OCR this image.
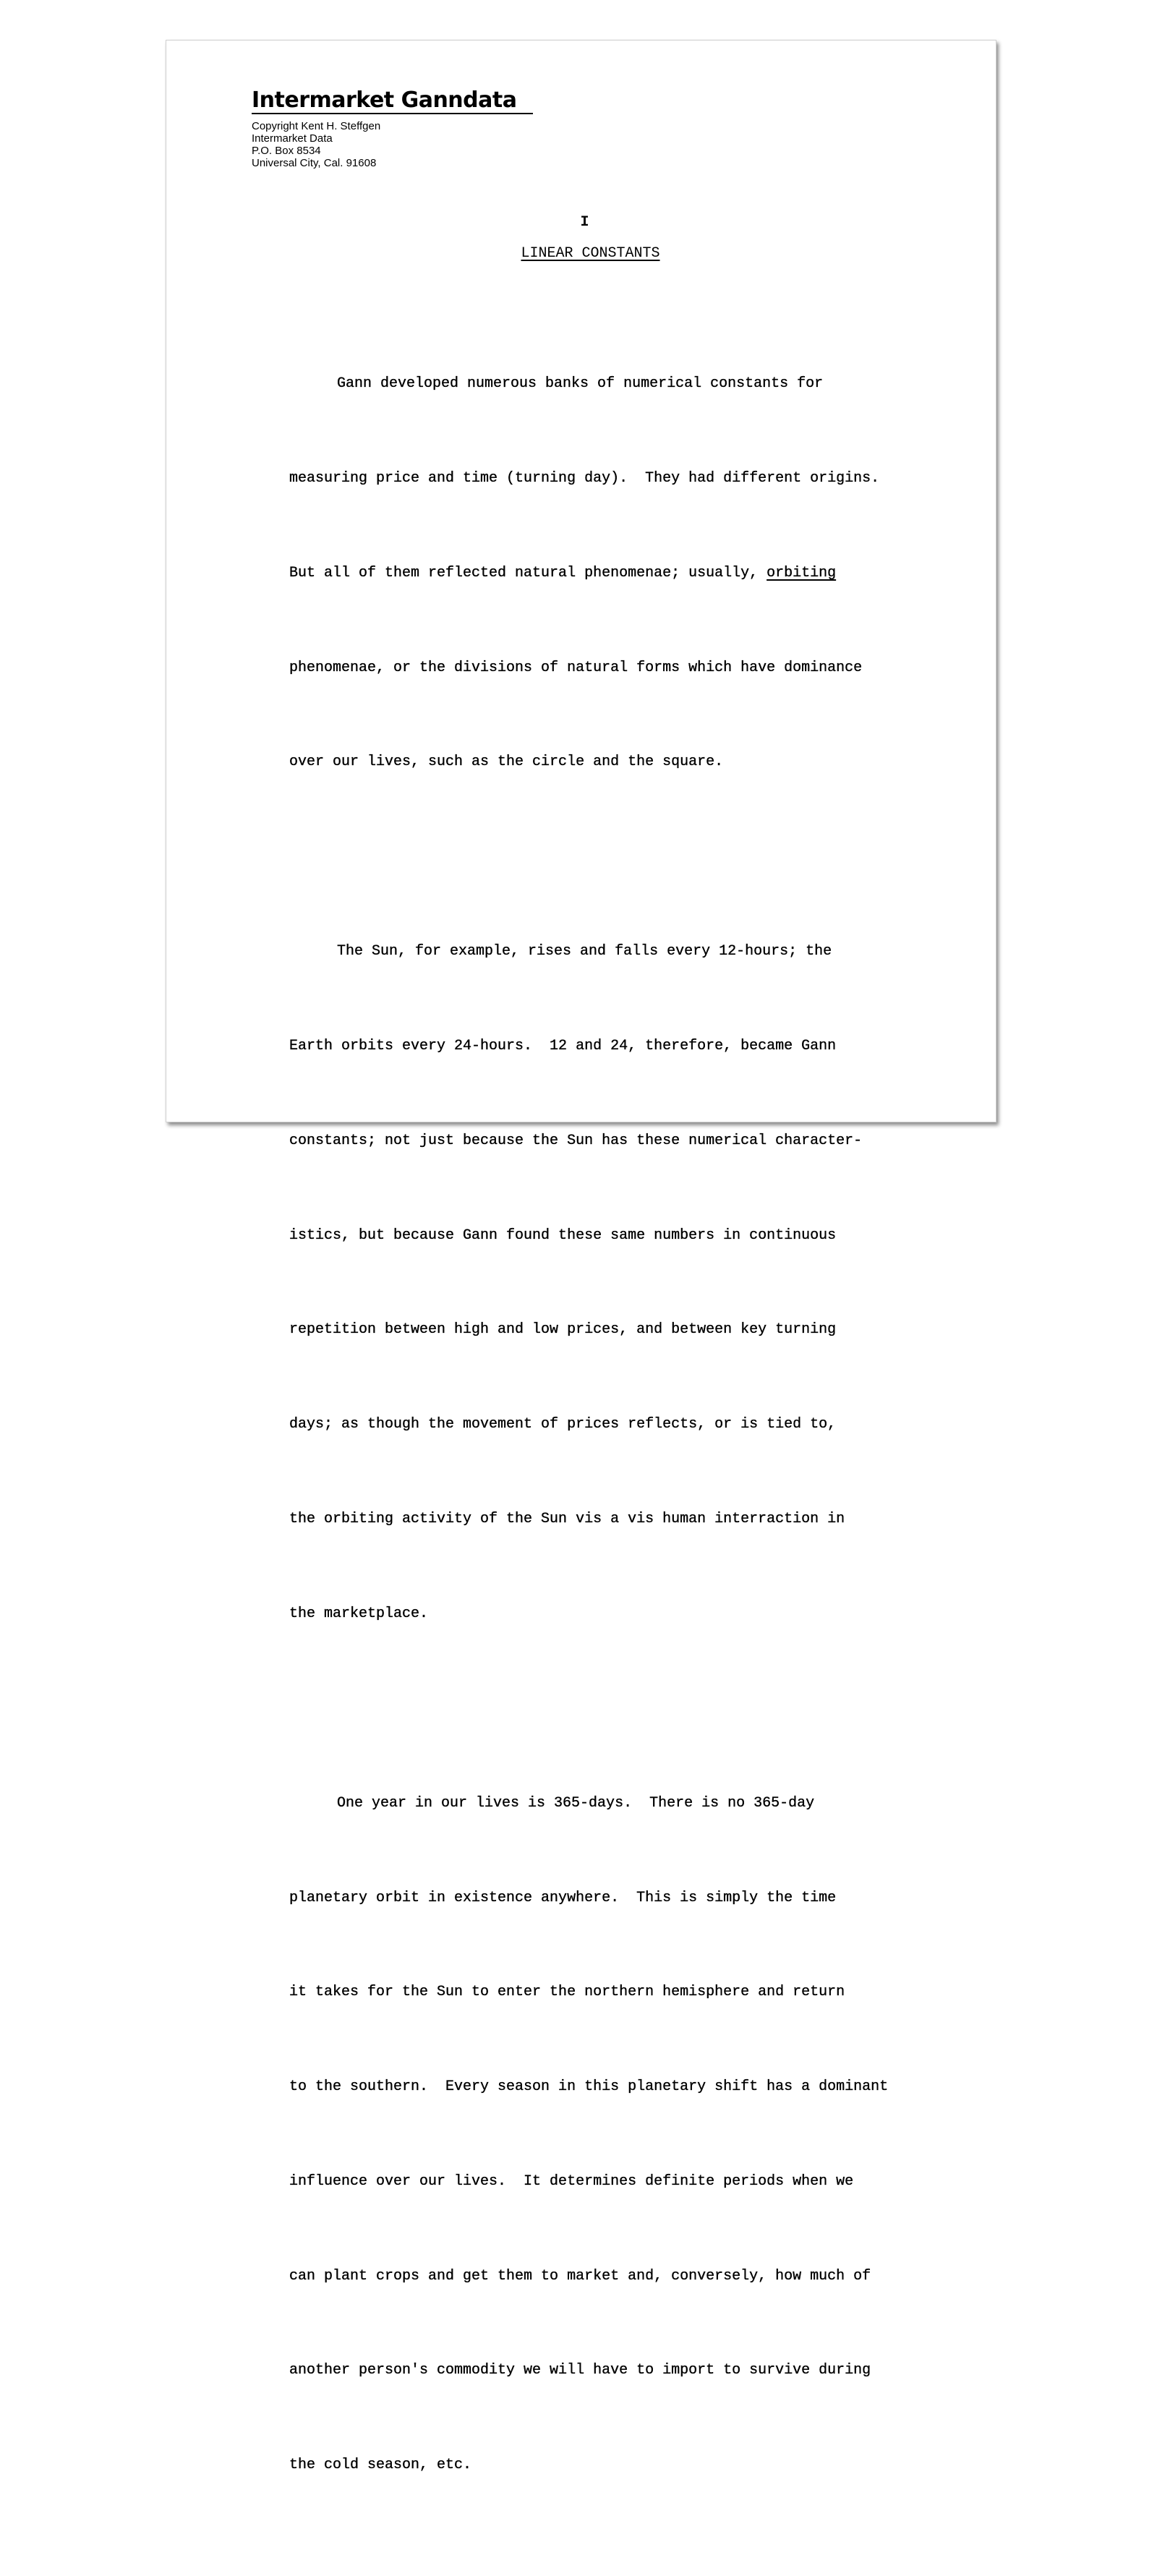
Intermarket Ganndata
Copyright Kent H. Steffgen
Intermarket Data
P.O. Box 8534
Universal City, Cal. 91608
I
LINEAR CONSTANTS

Gann developed numerous banks of numerical constants for

measuring price and time (turning day).  They had different origins.

But all of them reflected natural phenomenae; usually, orbiting

phenomenae, or the divisions of natural forms which have dominance

over our lives, such as the circle and the square.

The Sun, for example, rises and falls every 12-hours; the

Earth orbits every 24-hours.  12 and 24, therefore, became Gann

constants; not just because the Sun has these numerical character-

istics, but because Gann found these same numbers in continuous

repetition between high and low prices, and between key turning

days; as though the movement of prices reflects, or is tied to,

the orbiting activity of the Sun vis a vis human interraction in

the marketplace.

One year in our lives is 365-days.  There is no 365-day

planetary orbit in existence anywhere.  This is simply the time

it takes for the Sun to enter the northern hemisphere and return

to the southern.  Every season in this planetary shift has a dominant

influence over our lives.  It determines definite periods when we

can plant crops and get them to market and, conversely, how much of

another person's commodity we will have to import to survive during

the cold season, etc.
